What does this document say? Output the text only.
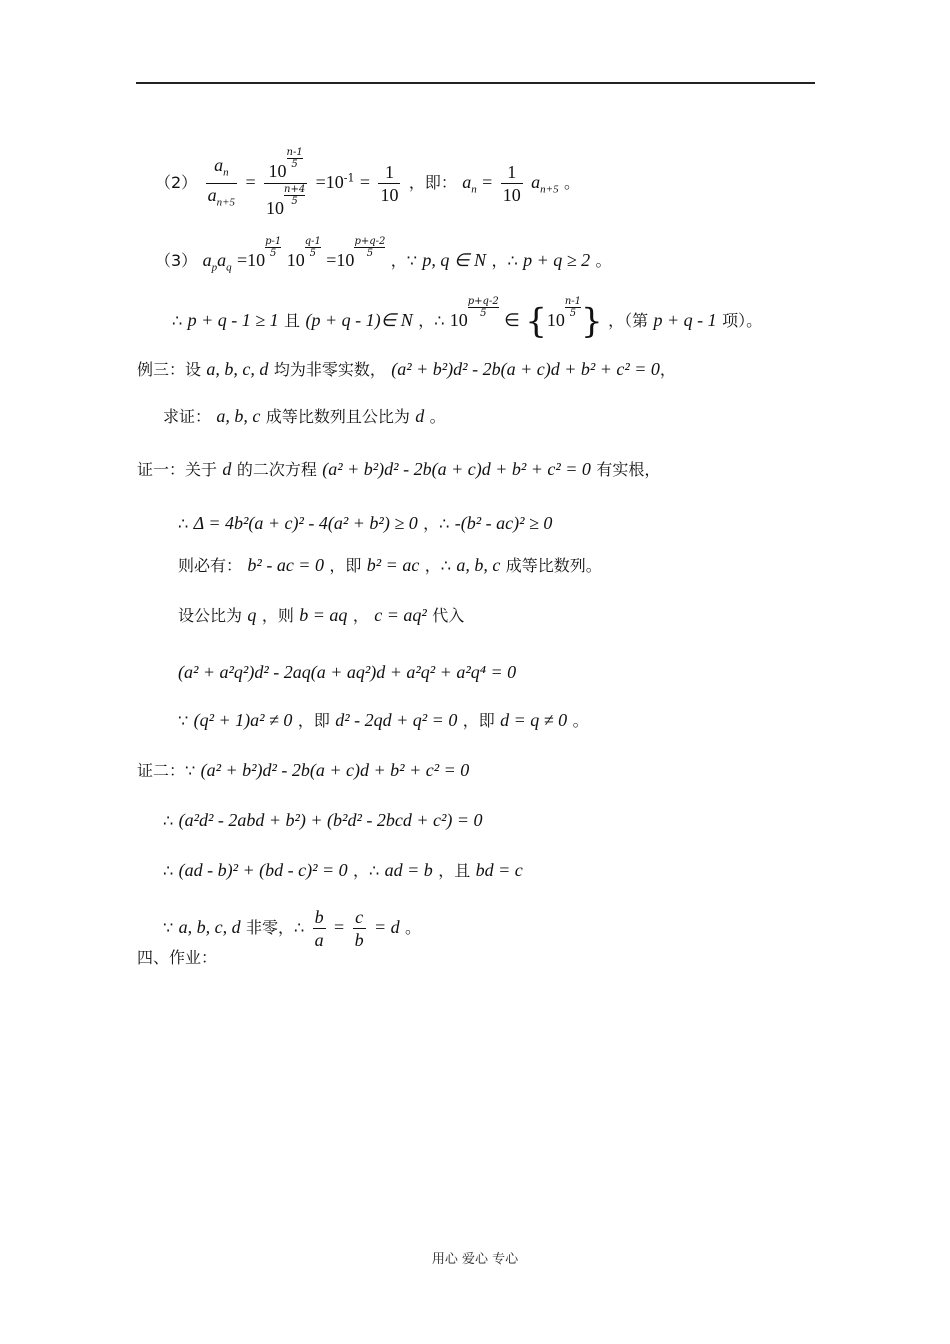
$(2) \frac{a_n}{a_{n+5}} = 10$
$\frac{n-1}{5}$
10
$\frac{n+4}{5} =10^{-1} = \frac{1}{10}$ ，即： $a_n = \frac{1}{10} a_{n+5}$ 。
（3） $a_pa_q =10$
$\frac{p-1}{5}$
10
$\frac{q-1}{5}$
=10
$\frac{p+q-2}{5}$
，∵ p, q ∈ N ，∴ p + q ≥ 2 。
∴ p + q - 1 ≥ 1 且 (p + q - 1)∈ N ，∴ 10
$\frac{p+q-2}{5}$
∈ {10
$\frac{n-1}{5}$ } ，（第 p + q - 1 项）。
例三：设 a, b, c, d 均为非零实数， (a² + b²)d² - 2b(a + c)d + b² + c² = 0，
求证： a, b, c 成等比数列且公比为 d 。
证一：关于 d 的二次方程 (a² + b²)d² - 2b(a + c)d + b² + c² = 0 有实根，
∴ Δ = 4b²(a + c)² - 4(a² + b²) ≥ 0 ，∴ -(b² - ac)² ≥ 0
则必有： b² - ac = 0 ，即 b² = ac ，∴ a, b, c 成等比数列。
设公比为 q ，则 b = aq ， c = aq² 代入
(a² + a²q²)d² - 2aq(a + aq²)d + a²q² + a²q⁴ = 0
∵ (q² + 1)a² ≠ 0 ，即 d² - 2qd + q² = 0 ，即 d = q ≠ 0 。
证二：∵ (a² + b²)d² - 2b(a + c)d + b² + c² = 0
∴ (a²d² - 2abd + b²) + (b²d² - 2bcd + c²) = 0
∴ (ad - b)² + (bd - c)² = 0 ，∴ ad = b ，且 bd = c
∵ a, b, c, d 非零，∴ $\frac{b}{a} = \frac{c}{b} = d$ 。
四、作业：
用心 爱心 专心
